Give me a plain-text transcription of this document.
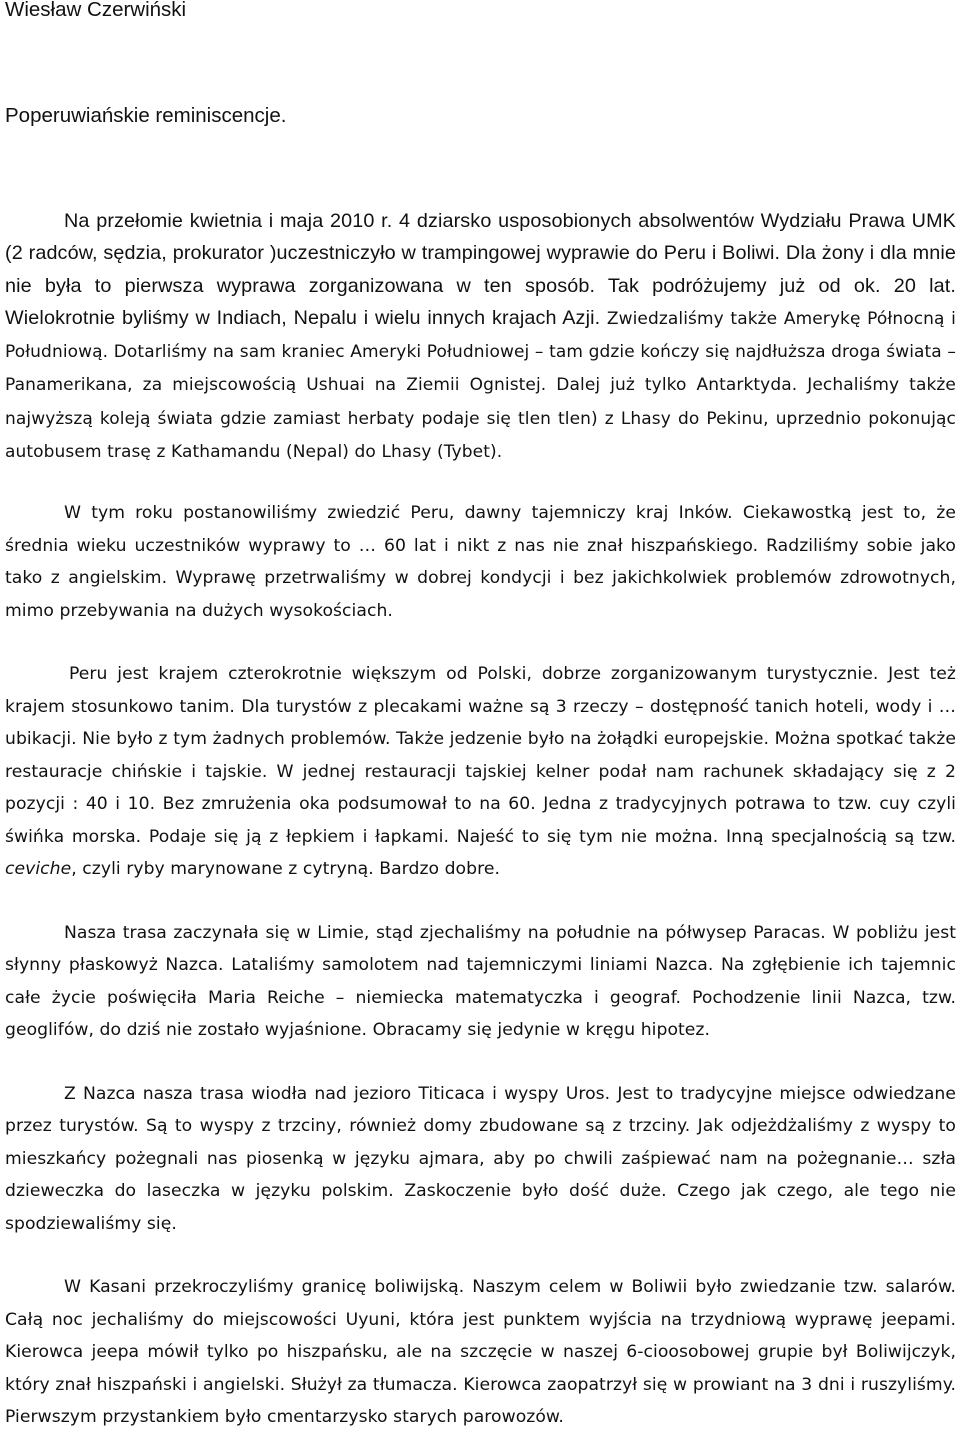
Wiesław Czerwiński

Poperuwiańskie reminiscencje.

Na przełomie kwietnia i maja 2010 r. 4 dziarsko usposobionych absolwentów Wydziału Prawa UMK (2 radców, sędzia, prokurator )uczestniczyło w trampingowej wyprawie do Peru i Boliwi. Dla żony i dla mnie nie była to pierwsza wyprawa zorganizowana w ten sposób. Tak podróżujemy już od ok. 20 lat. Wielokrotnie byliśmy w Indiach, Nepalu i wielu innych krajach Azji. Zwiedzaliśmy także Amerykę Północną i Południową. Dotarliśmy na sam kraniec Ameryki Południowej – tam gdzie kończy się najdłuższa droga świata – Panamerikana, za miejscowością Ushuai na Ziemii Ognistej. Dalej już tylko Antarktyda. Jechaliśmy także najwyższą koleją świata gdzie zamiast herbaty podaje się tlen tlen) z Lhasy do Pekinu, uprzednio pokonując autobusem trasę z Kathamandu (Nepal) do Lhasy (Tybet).

W tym roku postanowiliśmy zwiedzić Peru, dawny tajemniczy kraj Inków. Ciekawostką jest to, że średnia wieku uczestników wyprawy to … 60 lat i nikt z nas nie znał hiszpańskiego. Radziliśmy sobie jako tako z angielskim. Wyprawę przetrwaliśmy w dobrej kondycji i bez jakichkolwiek problemów zdrowotnych, mimo przebywania na dużych wysokościach.

Peru jest krajem czterokrotnie większym od Polski, dobrze zorganizowanym turystycznie. Jest też krajem stosunkowo tanim. Dla turystów z plecakami ważne są 3 rzeczy – dostępność tanich hoteli, wody i … ubikacji. Nie było z tym żadnych problemów. Także jedzenie było na żołądki europejskie. Można spotkać także restauracje chińskie i tajskie. W jednej restauracji tajskiej kelner podał nam rachunek składający się z 2 pozycji : 40 i 10. Bez zmrużenia oka podsumował to na 60. Jedna z tradycyjnych potrawa to tzw. cuy czyli świńka morska. Podaje się ją z łepkiem i łapkami. Najeść to się tym nie można. Inną specjalnością są tzw. ceviche, czyli ryby marynowane z cytryną. Bardzo dobre.

Nasza trasa zaczynała się w Limie, stąd zjechaliśmy na południe na półwysep Paracas. W pobliżu jest słynny płaskowyż Nazca. Lataliśmy samolotem nad tajemniczymi liniami Nazca. Na zgłębienie ich tajemnic całe życie poświęciła Maria Reiche – niemiecka matematyczka i geograf. Pochodzenie linii Nazca, tzw. geoglifów, do dziś nie zostało wyjaśnione. Obracamy się jedynie w kręgu hipotez.

Z Nazca nasza trasa wiodła nad jezioro Titicaca i wyspy Uros. Jest to tradycyjne miejsce odwiedzane przez turystów. Są to wyspy z trzciny, również domy zbudowane są z trzciny. Jak odjeżdżaliśmy z wyspy to mieszkańcy pożegnali nas piosenką w języku ajmara, aby po chwili zaśpiewać nam na pożegnanie… szła dzieweczka do laseczka w języku polskim. Zaskoczenie było dość duże. Czego jak czego, ale tego nie spodziewaliśmy się.

W Kasani przekroczyliśmy granicę boliwijską. Naszym celem w Boliwii było zwiedzanie tzw. salarów. Całą noc jechaliśmy do miejscowości Uyuni, która jest punktem wyjścia na trzydniową wyprawę jeepami. Kierowca jeepa mówił tylko po hiszpańsku, ale na szczęcie w naszej 6-cioosobowej grupie był Boliwijczyk, który znał hiszpański i angielski. Służył za tłumacza. Kierowca zaopatrzył się w prowiant na 3 dni i ruszyliśmy. Pierwszym przystankiem było cmentarzysko starych parowozów.
